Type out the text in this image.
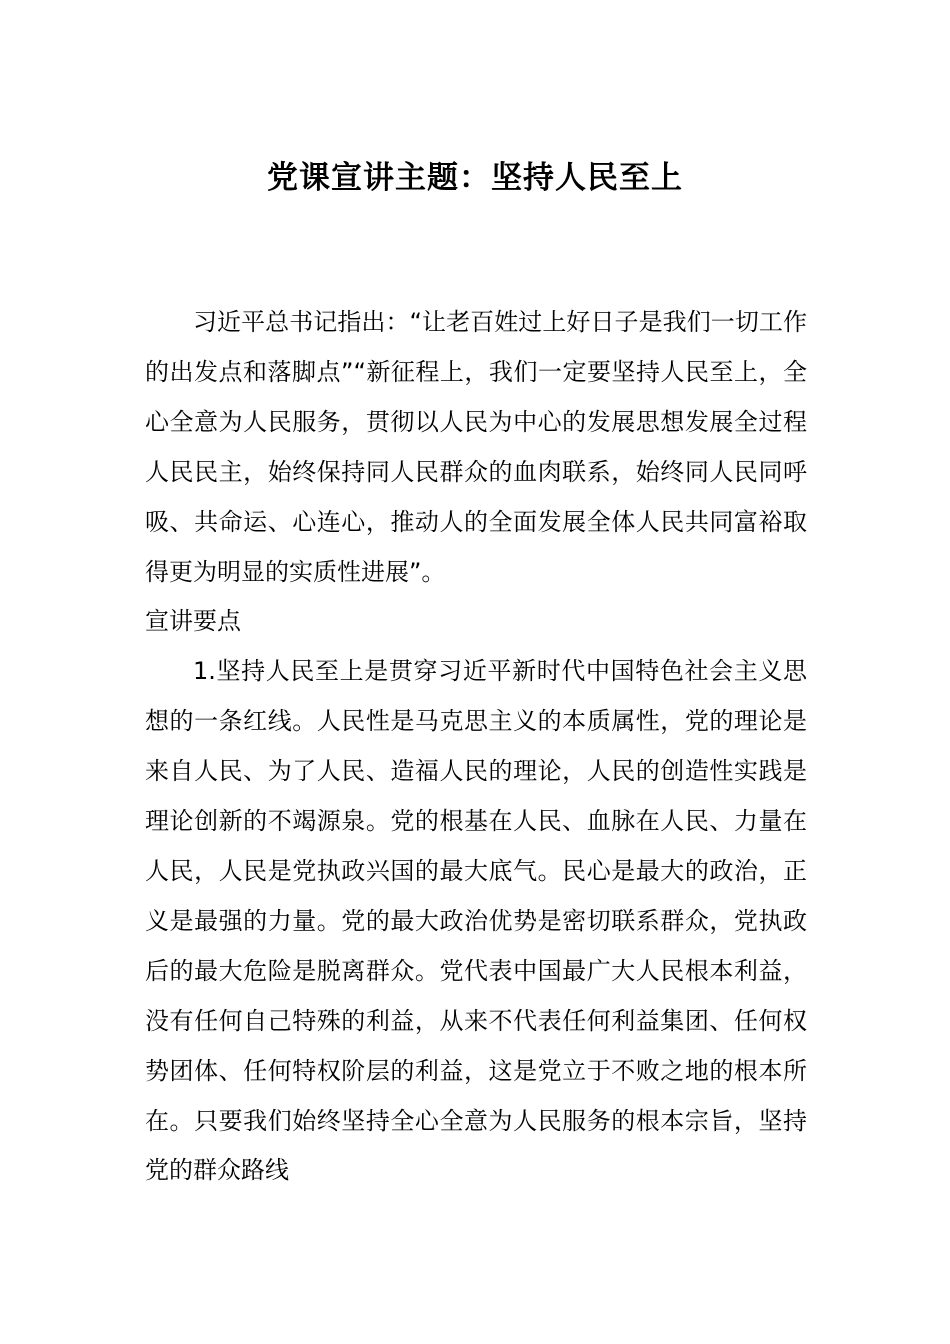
党课宣讲主题：坚持人民至上

习近平总书记指出：“让老百姓过上好日子是我们一切工作的出发点和落脚点”“新征程上，我们一定要坚持人民至上，全心全意为人民服务，贯彻以人民为中心的发展思想发展全过程人民民主，始终保持同人民群众的血肉联系，始终同人民同呼吸、共命运、心连心，推动人的全面发展全体人民共同富裕取得更为明显的实质性进展”。

宣讲要点

1.坚持人民至上是贯穿习近平新时代中国特色社会主义思想的一条红线。人民性是马克思主义的本质属性，党的理论是来自人民、为了人民、造福人民的理论，人民的创造性实践是理论创新的不竭源泉。党的根基在人民、血脉在人民、力量在人民，人民是党执政兴国的最大底气。民心是最大的政治，正义是最强的力量。党的最大政治优势是密切联系群众，党执政后的最大危险是脱离群众。党代表中国最广大人民根本利益，没有任何自己特殊的利益，从来不代表任何利益集团、任何权势团体、任何特权阶层的利益，这是党立于不败之地的根本所在。只要我们始终坚持全心全意为人民服务的根本宗旨，坚持党的群众路线
